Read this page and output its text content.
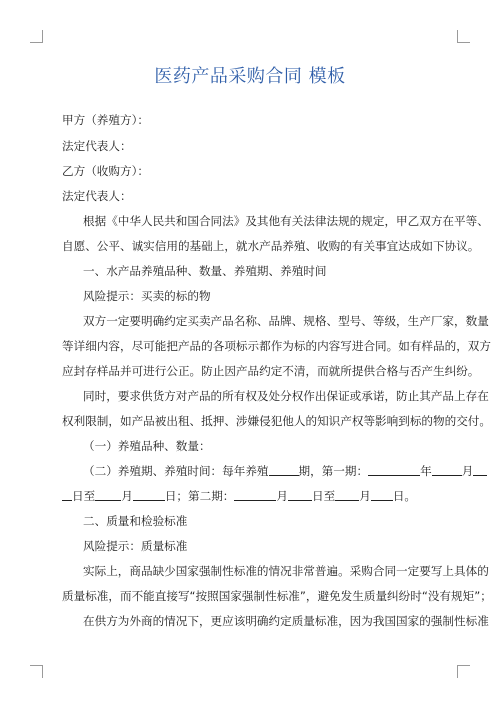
医药产品采购合同 模板
甲方（养殖方）：
法定代表人：
乙方（收购方）：
法定代表人：
根据《中华人民共和国合同法》及其他有关法律法规的规定，甲乙双方在平等、
自愿、公平、诚实信用的基础上，就水产品养殖、收购的有关事宜达成如下协议。
一、水产品养殖品种、数量、养殖期、养殖时间
风险提示：买卖的标的物
双方一定要明确约定买卖产品名称、品牌、规格、型号、等级，生产厂家，数量
等详细内容，尽可能把产品的各项标示都作为标的内容写进合同。如有样品的，双方
应封存样品并可进行公正。防止因产品约定不清，而就所提供合格与否产生纠纷。
同时，要求供货方对产品的所有权及处分权作出保证或承诺，防止其产品上存在
权利限制，如产品被出租、抵押、涉嫌侵犯他人的知识产权等影响到标的物的交付。
（一）养殖品种、数量：
（二）养殖期、养殖时间：每年养殖	期，第一期：	年	月
日至 月	日；第二期：	月 日至 月 日。
二、质量和检验标准
风险提示：质量标准
实际上，商品缺少国家强制性标准的情况非常普遍。采购合同一定要写上具体的
质量标准，而不能直接写“按照国家强制性标准”，避免发生质量纠纷时“没有规矩”；
在供方为外商的情况下，更应该明确约定质量标准，因为我国国家的强制性标准
